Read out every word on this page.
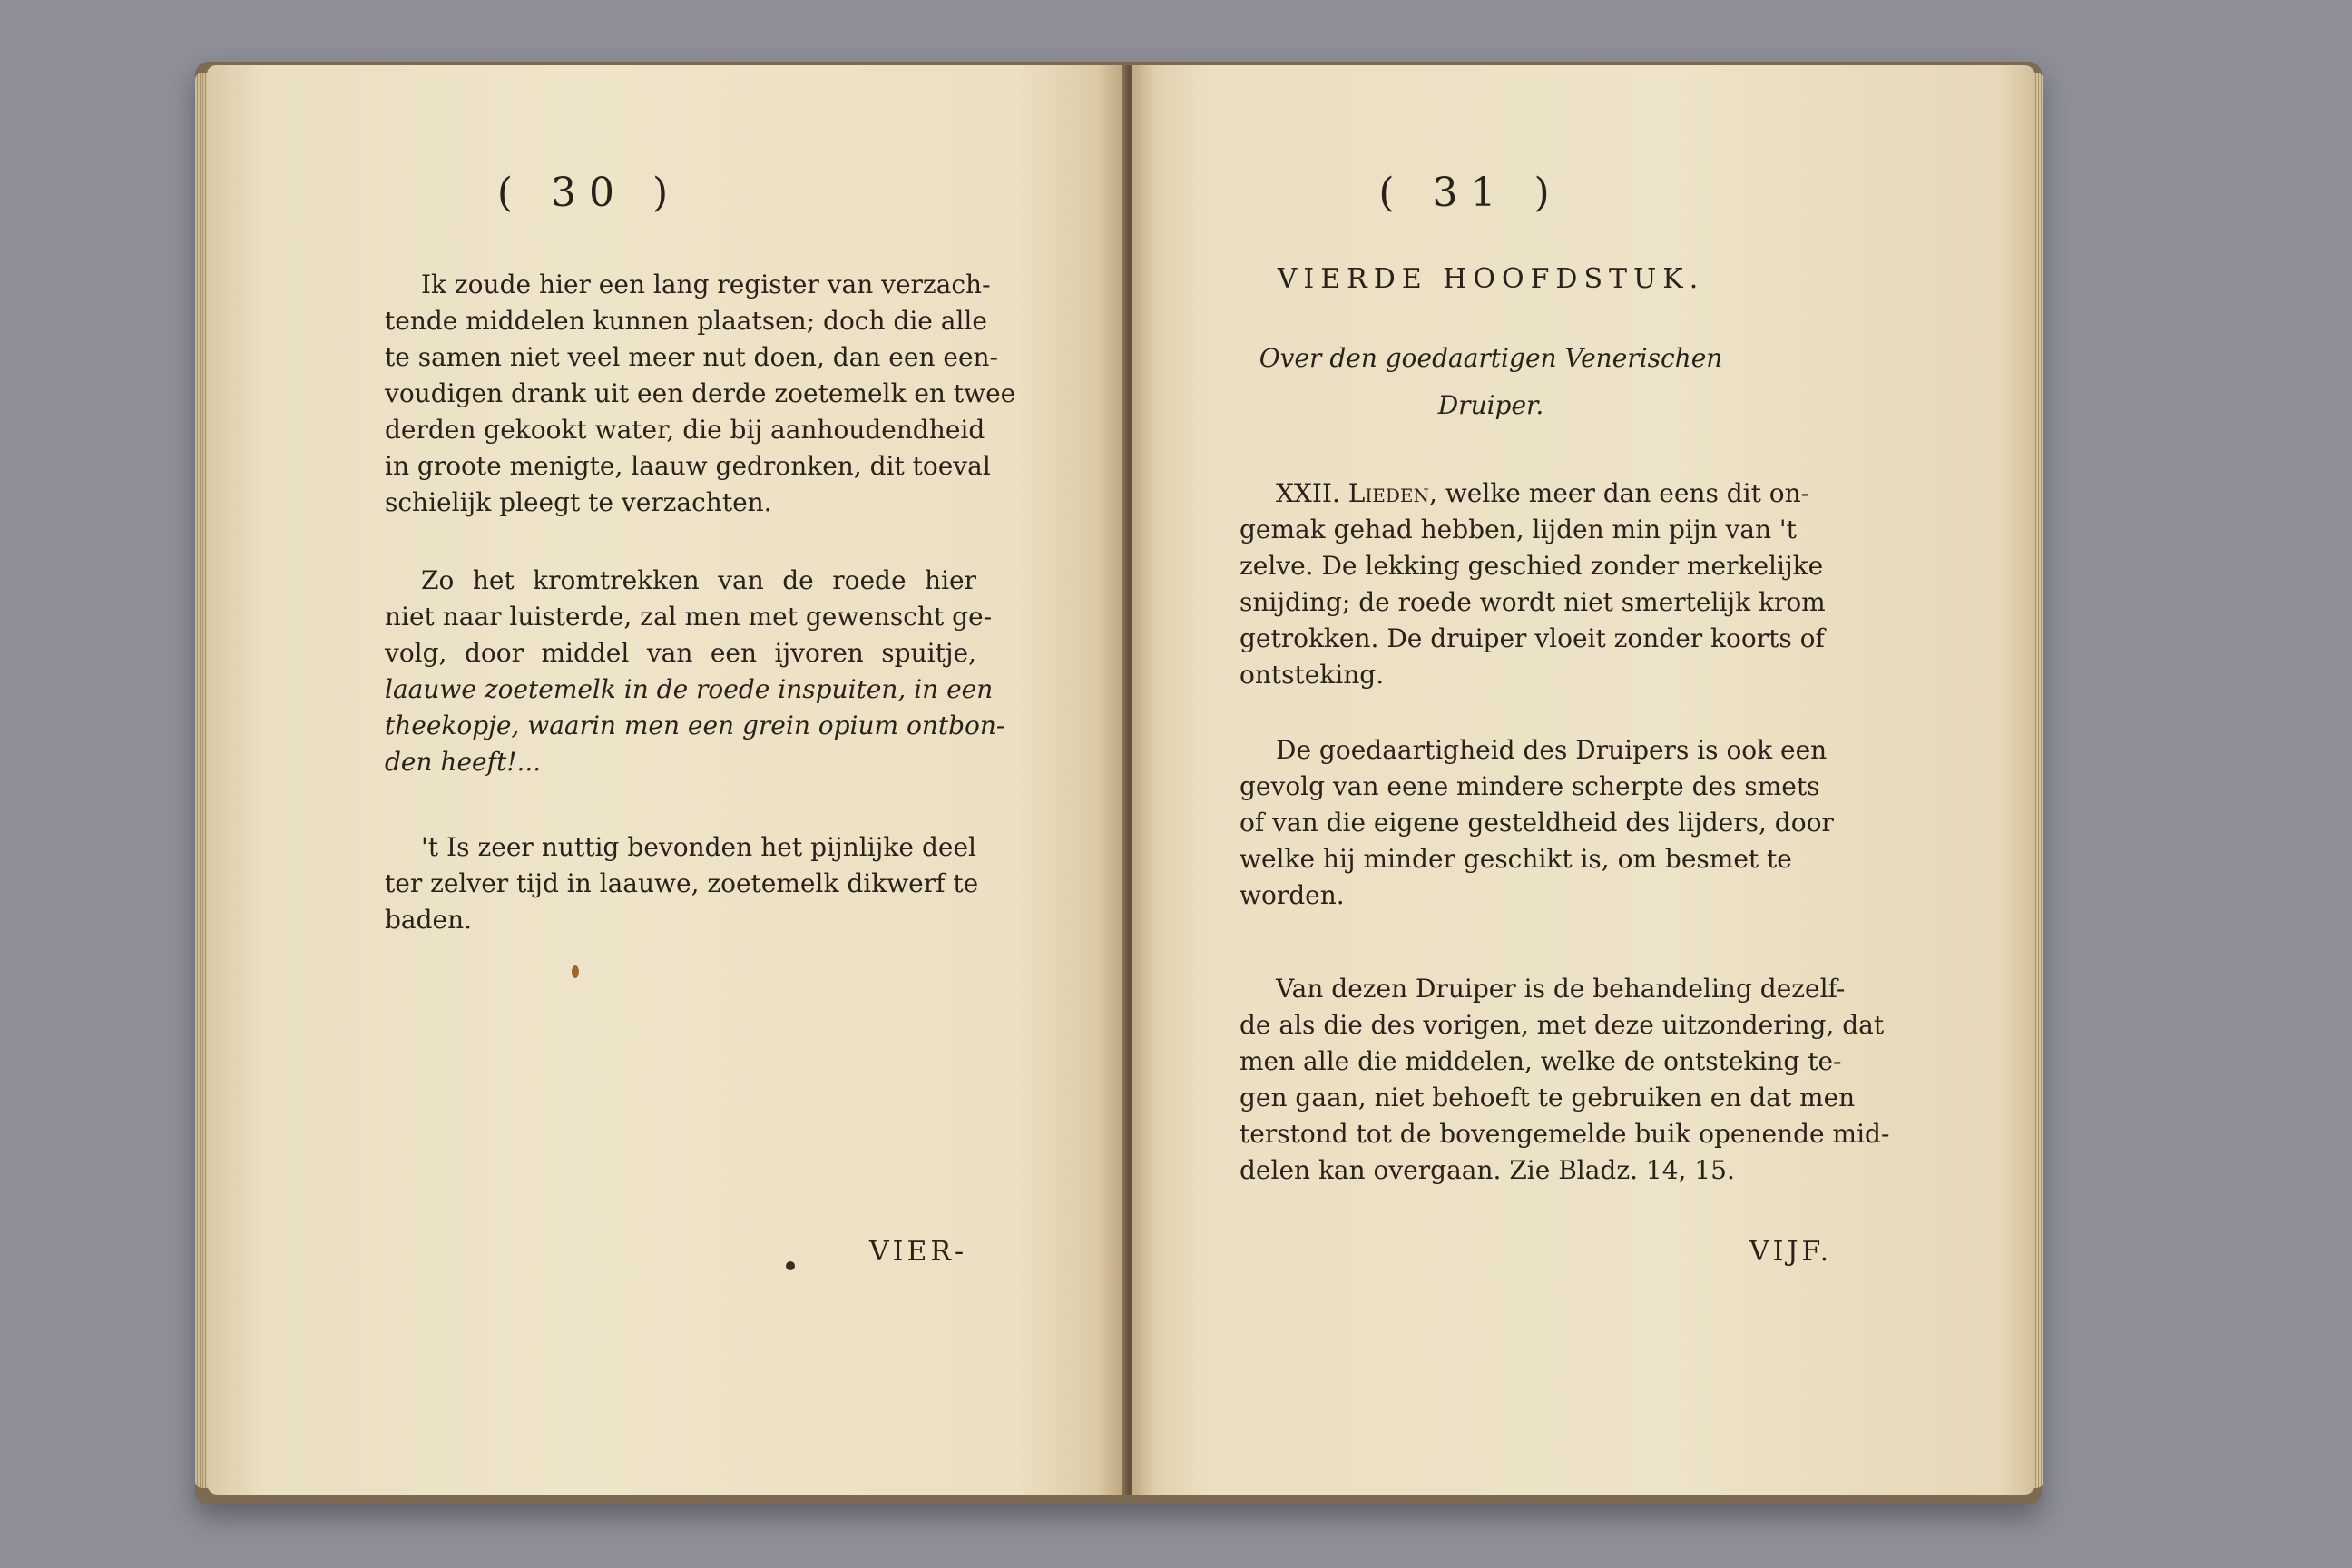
( 30 )
Ik zoude hier een lang register van verzach-
tende middelen kunnen plaatsen; doch die alle
te samen niet veel meer nut doen, dan een een-
voudigen drank uit een derde zoetemelk en twee
derden gekookt water, die bij aanhoudendheid
in groote menigte, laauw gedronken, dit toeval
schielijk pleegt te verzachten.
Zo het kromtrekken van de roede hier
niet naar luisterde, zal men met gewenscht ge-
volg, door middel van een ijvoren spuitje,
laauwe zoetemelk in de roede inspuiten, in een
theekopje, waarin men een grein opium ontbon-
den heeft!...
't Is zeer nuttig bevonden het pijnlijke deel
ter zelver tijd in laauwe, zoetemelk dikwerf te
baden.
VIER-
( 31 )
VIERDE HOOFDSTUK.
Over den goedaartigen Venerischen
Druiper.
XXII. Lieden, welke meer dan eens dit on-
gemak gehad hebben, lijden min pijn van 't
zelve. De lekking geschied zonder merkelijke
snijding; de roede wordt niet smertelijk krom
getrokken. De druiper vloeit zonder koorts of
ontsteking.
De goedaartigheid des Druipers is ook een
gevolg van eene mindere scherpte des smets
of van die eigene gesteldheid des lijders, door
welke hij minder geschikt is, om besmet te
worden.
Van dezen Druiper is de behandeling dezelf-
de als die des vorigen, met deze uitzondering, dat
men alle die middelen, welke de ontsteking te-
gen gaan, niet behoeft te gebruiken en dat men
terstond tot de bovengemelde buik openende mid-
delen kan overgaan. Zie Bladz. 14, 15.
VIJF.
